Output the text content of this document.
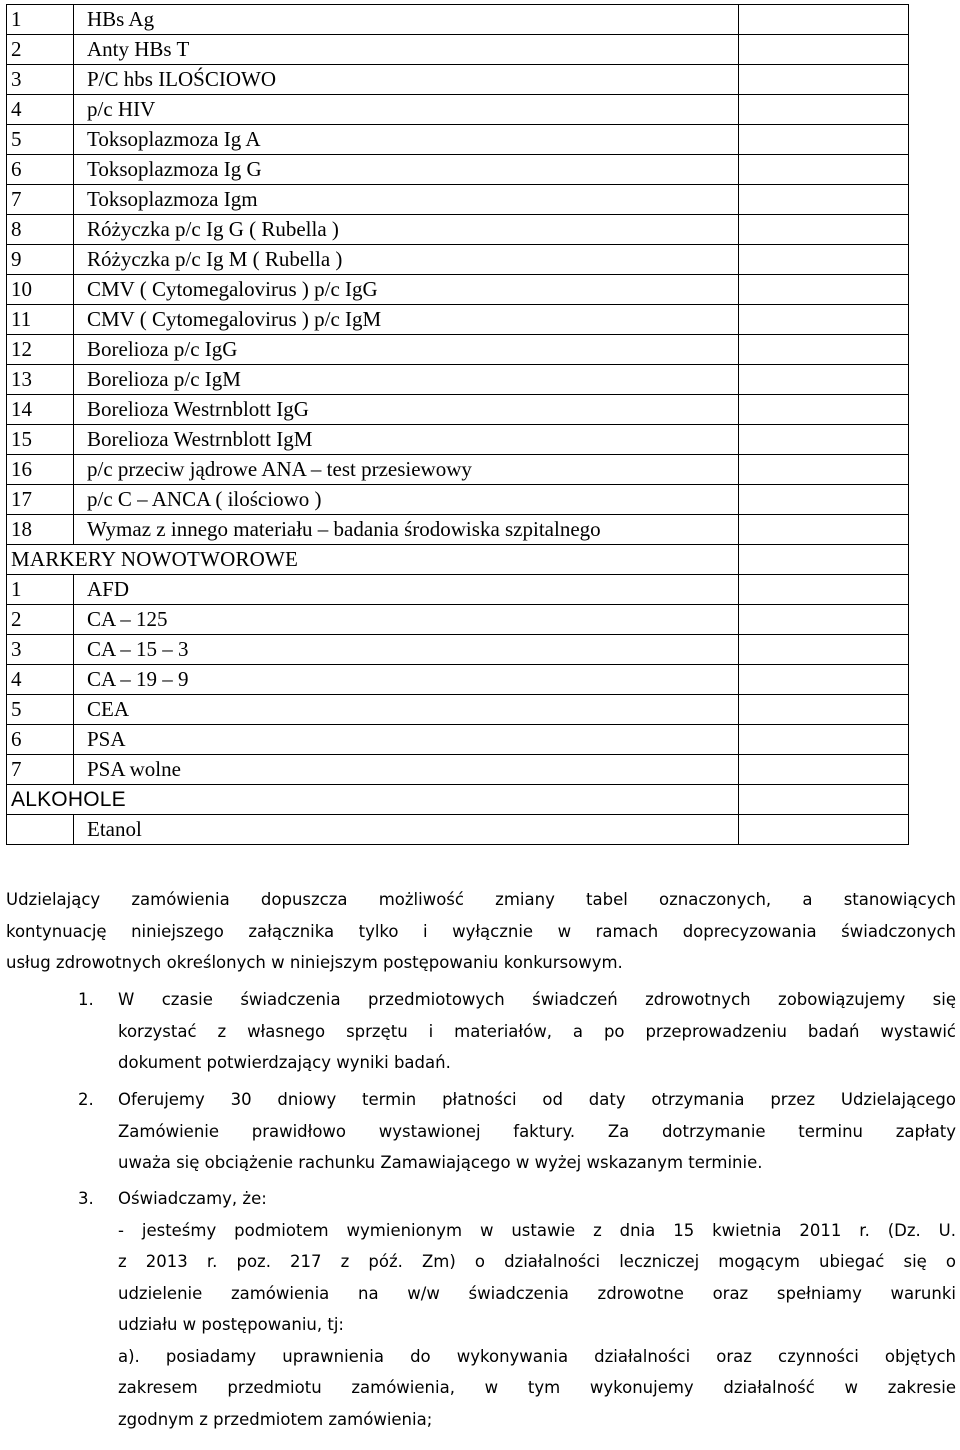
1	HBs Ag	
2	Anty HBs T	
3	P/C hbs ILOŚCIOWO	
4	p/c HIV	
5	Toksoplazmoza Ig A	
6	Toksoplazmoza Ig G	
7	Toksoplazmoza Igm	
8	Różyczka p/c Ig G ( Rubella )	
9	Różyczka p/c Ig M ( Rubella )	
10	CMV ( Cytomegalovirus ) p/c IgG	
11	CMV ( Cytomegalovirus ) p/c IgM	
12	Borelioza p/c IgG	
13	Borelioza p/c IgM	
14	Borelioza Westrnblott IgG	
15	Borelioza Westrnblott IgM	
16	p/c przeciw jądrowe ANA – test przesiewowy	
17	p/c C – ANCA ( ilościowo )	
18	Wymaz z innego materiału – badania środowiska szpitalnego	
MARKERY NOWOTWOROWE		
1	AFD	
2	CA – 125	
3	CA – 15 – 3	
4	CA – 19 – 9	
5	CEA	
6	PSA	
7	PSA wolne	
ALKOHOLE		
	Etanol	
Udzielający zamówienia dopuszcza możliwość zmiany tabel oznaczonych, a stanowiących
kontynuację niniejszego załącznika tylko i wyłącznie w ramach doprecyzowania świadczonych
usług zdrowotnych określonych w niniejszym postępowaniu konkursowym.
1. W czasie świadczenia przedmiotowych świadczeń zdrowotnych zobowiązujemy się
korzystać z własnego sprzętu i materiałów, a po przeprowadzeniu badań wystawić
dokument potwierdzający wyniki badań.
2. Oferujemy 30 dniowy termin płatności od daty otrzymania przez Udzielającego
Zamówienie prawidłowo wystawionej faktury. Za dotrzymanie terminu zapłaty
uważa się obciążenie rachunku Zamawiającego w wyżej wskazanym terminie.
3. Oświadczamy, że:
- jesteśmy podmiotem wymienionym w ustawie z dnia 15 kwietnia 2011 r. (Dz. U.
z 2013 r. poz. 217 z póź. Zm) o działalności leczniczej mogącym ubiegać się o
udzielenie zamówienia na w/w świadczenia zdrowotne oraz spełniamy warunki
udziału w postępowaniu, tj:
a). posiadamy uprawnienia do wykonywania działalności oraz czynności objętych
zakresem przedmiotu zamówienia, w tym wykonujemy działalność w zakresie
zgodnym z przedmiotem zamówienia;
